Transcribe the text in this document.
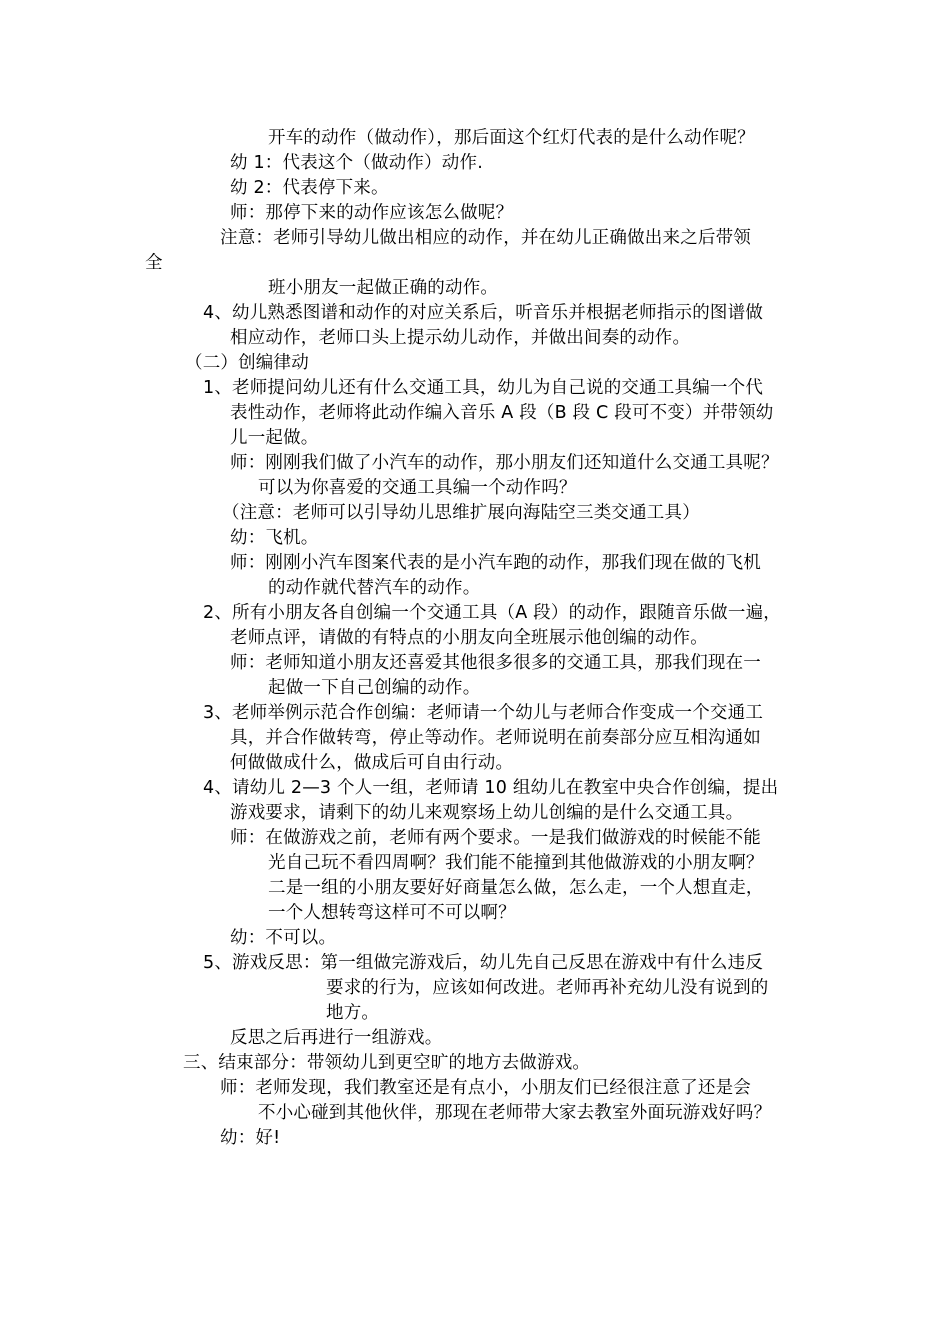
开车的动作（做动作），那后面这个红灯代表的是什么动作呢？
幼 1：代表这个（做动作）动作.
幼 2：代表停下来。
师：那停下来的动作应该怎么做呢？
注意：老师引导幼儿做出相应的动作，并在幼儿正确做出来之后带领
全
班小朋友一起做正确的动作。
4、幼儿熟悉图谱和动作的对应关系后，听音乐并根据老师指示的图谱做
相应动作，老师口头上提示幼儿动作，并做出间奏的动作。
（二）创编律动
1、老师提问幼儿还有什么交通工具，幼儿为自己说的交通工具编一个代
表性动作，老师将此动作编入音乐 A 段（B 段 C 段可不变）并带领幼
儿一起做。
师：刚刚我们做了小汽车的动作，那小朋友们还知道什么交通工具呢？
可以为你喜爱的交通工具编一个动作吗？
（注意：老师可以引导幼儿思维扩展向海陆空三类交通工具）
幼：飞机。
师：刚刚小汽车图案代表的是小汽车跑的动作，那我们现在做的飞机
的动作就代替汽车的动作。
2、所有小朋友各自创编一个交通工具（A 段）的动作，跟随音乐做一遍，
老师点评，请做的有特点的小朋友向全班展示他创编的动作。
师：老师知道小朋友还喜爱其他很多很多的交通工具，那我们现在一
起做一下自己创编的动作。
3、老师举例示范合作创编：老师请一个幼儿与老师合作变成一个交通工
具，并合作做转弯，停止等动作。老师说明在前奏部分应互相沟通如
何做做成什么，做成后可自由行动。
4、请幼儿 2—3 个人一组，老师请 10 组幼儿在教室中央合作创编，提出
游戏要求，请剩下的幼儿来观察场上幼儿创编的是什么交通工具。
师：在做游戏之前，老师有两个要求。一是我们做游戏的时候能不能
光自己玩不看四周啊？我们能不能撞到其他做游戏的小朋友啊？
二是一组的小朋友要好好商量怎么做，怎么走，一个人想直走，
一个人想转弯这样可不可以啊？
幼：不可以。
5、游戏反思：第一组做完游戏后，幼儿先自己反思在游戏中有什么违反
要求的行为，应该如何改进。老师再补充幼儿没有说到的
地方。
反思之后再进行一组游戏。
三、结束部分：带领幼儿到更空旷的地方去做游戏。
师：老师发现，我们教室还是有点小，小朋友们已经很注意了还是会
不小心碰到其他伙伴，那现在老师带大家去教室外面玩游戏好吗？
幼：好!
